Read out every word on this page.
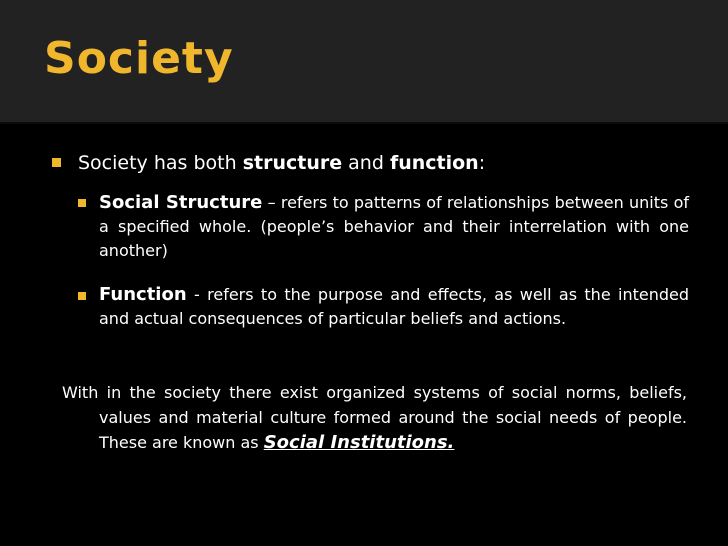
Society
Society has both structure and function:
Social Structure – refers to patterns of relationships between units of a specified whole. (people’s behavior and their interrelation with one another)
Function - refers to the purpose and effects, as well as the intended and actual consequences of particular beliefs and actions.
With in the society there exist organized systems of social norms, beliefs, values and material culture formed around the social needs of people. These are known as Social Institutions.
